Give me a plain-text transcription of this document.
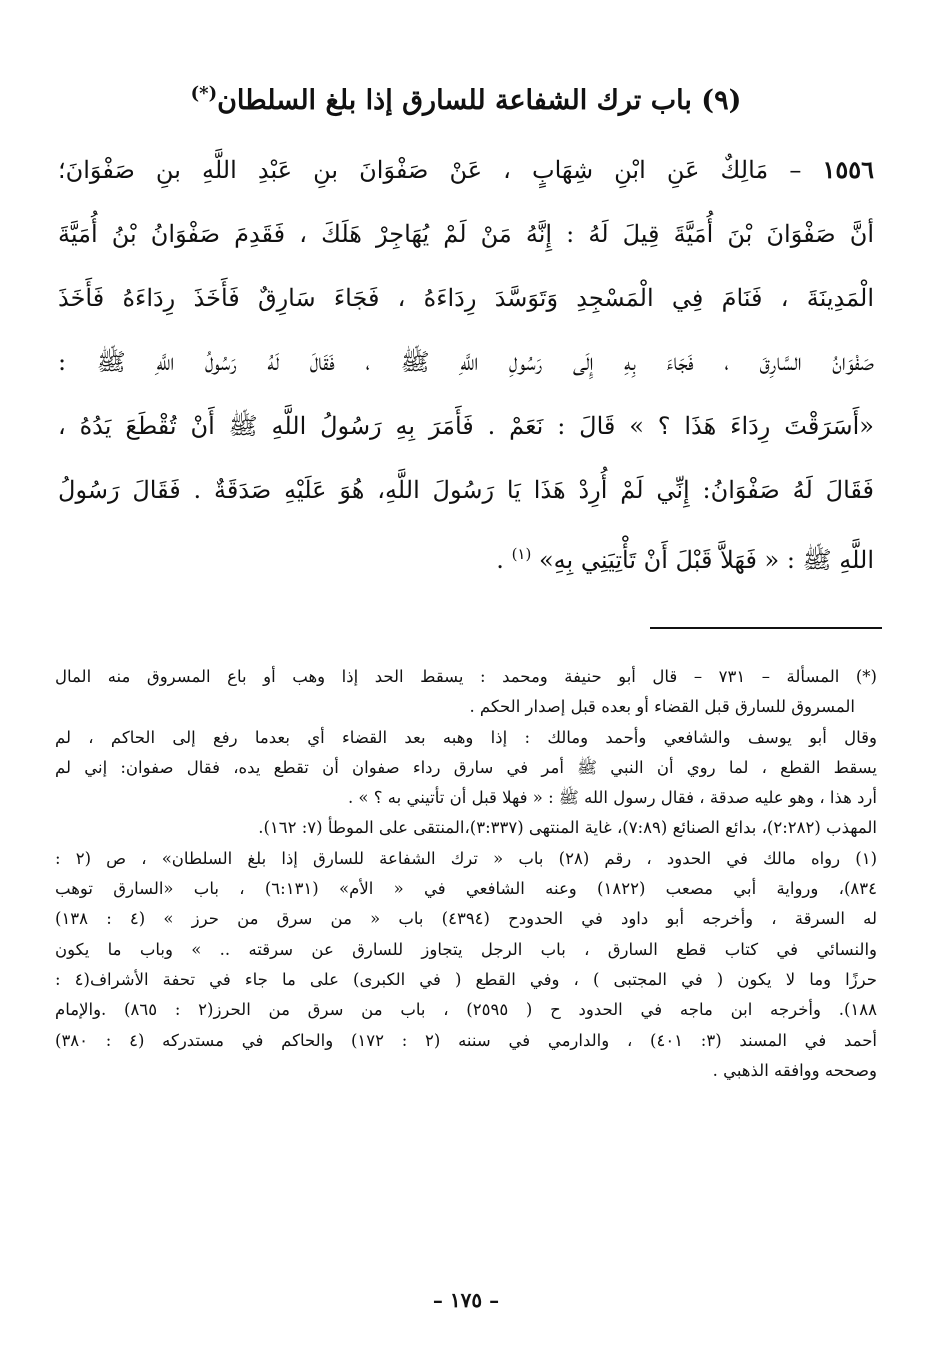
(٩) باب ترك الشفاعة للسارق إذا بلغ السلطان(*)
١٥٥٦ – مَالِكٌ عَنِ ابْنِ شِهَابٍ ، عَنْ صَفْوَانَ بنِ عَبْدِ اللَّهِ بنِ صَفْوَانَ؛
أنَّ صَفْوَانَ بْنَ أُمَيَّةَ قِيلَ لَهُ : إِنَّهُ مَنْ لَمْ يُهَاجِرْ هَلَكَ ، فَقَدِمَ صَفْوَانُ بْنُ أُمَيَّةَ
الْمَدِينَةَ ، فَنَامَ فِي الْمَسْجِدِ وَتَوَسَّدَ رِدَاءَهُ ، فَجَاءَ سَارِقٌ فَأَخَذَ رِدَاءَهُ فَأَخَذَ
صَفْوَانُ السَّارِقَ ، فَجَاءَ بِهِ إِلَى رَسُولِ اللَّهِ ﷺ ، فَقَالَ لَهُ رَسُولُ اللَّهِ ﷺ :
«أَسَرَقْتَ رِدَاءَ هَذَا ؟ » قَالَ : نَعَمْ . فَأَمَرَ بِهِ رَسُولُ اللَّهِ ﷺ أَنْ تُقْطَعَ يَدُهُ ،
فَقَالَ لَهُ صَفْوَانُ: إِنِّي لَمْ أُرِدْ هَذَا يَا رَسُولَ اللَّهِ، هُوَ عَلَيْهِ صَدَقَةٌ . فَقَالَ رَسُولُ
اللَّهِ ﷺ : « فَهَلاَّ قَبْلَ أَنْ تَأْتِيَنِي بِهِ» $^{(١)}$ .
(*) المسألة – ٧٣١ – قال أبو حنيفة ومحمد : يسقط الحد إذا وهب أو باع المسروق منه المال
المسروق للسارق قبل القضاء أو بعده قبل إصدار الحكم .
وقال أبو يوسف والشافعي وأحمد ومالك : إذا وهبه بعد القضاء أي بعدما رفع إلى الحاكم ، لم
يسقط القطع ، لما روي أن النبي ﷺ أمر في سارق رداء صفوان أن تقطع يده، فقال صفوان: إني لم
أرد هذا ، وهو عليه صدقة ، فقال رسول الله ﷺ : « فهلا قبل أن تأتيني به ؟ » .
المهذب (٢:٢٨٢)، بدائع الصنائع (٧:٨٩)، غاية المنتهى (٣:٣٣٧)،المنتقى على الموطأ (٧: ١٦٢).
(١) رواه مالك في الحدود ، رقم (٢٨) باب « ترك الشفاعة للسارق إذا بلغ السلطان» ، ص (٢ :
٨٣٤)، ورواية أبي مصعب (١٨٢٢) وعنه الشافعي في « الأم» (٦:١٣١) ، باب «السارق توهب
له السرقة ، وأخرجه أبو داود في الحدودح (٤٣٩٤) باب « من سرق من حرز » (٤ : ١٣٨)
والنسائي في كتاب قطع السارق ، باب الرجل يتجاوز للسارق عن سرقته .. » وباب ما يكون
حرزًا وما لا يكون ( في المجتبى ) ، وفي القطع ( في الكبرى) على ما جاء في تحفة الأشراف(٤ :
١٨٨). وأخرجه ابن ماجه في الحدود ح ( ٢٥٩٥) ، باب من سرق من الحرز(٢ : ٨٦٥) .والإمام
أحمد في المسند (٣: ٤٠١) ، والدارمي في سننه (٢ : ١٧٢) والحاكم في مستدركه (٤ : ٣٨٠)
وصححه ووافقه الذهبي .
– ١٧٥ –
